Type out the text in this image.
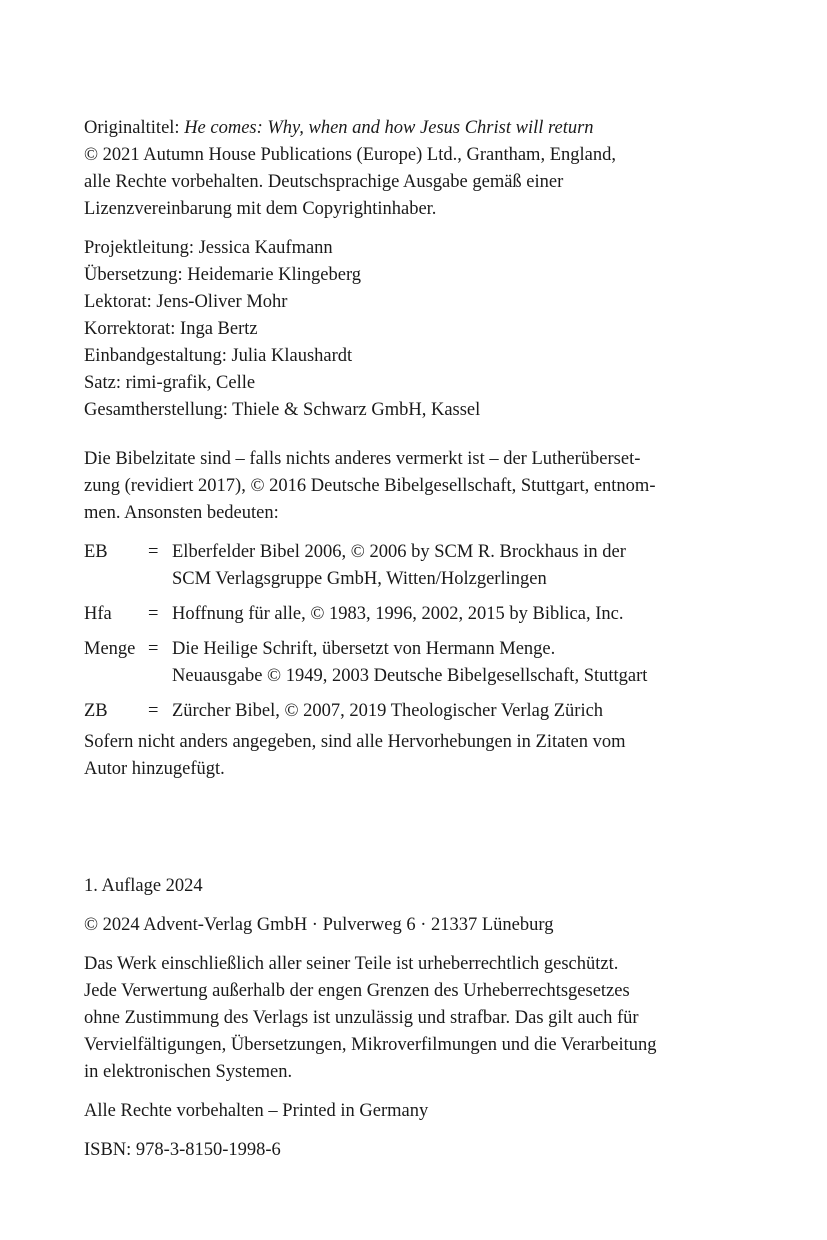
Originaltitel: He comes: Why, when and how Jesus Christ will return
© 2021 Autumn House Publications (Europe) Ltd., Grantham, England,
alle Rechte vorbehalten. Deutschsprachige Ausgabe gemäß einer
Lizenzvereinbarung mit dem Copyrightinhaber.
Projektleitung: Jessica Kaufmann
Übersetzung: Heidemarie Klingeberg
Lektorat: Jens-Oliver Mohr
Korrektorat: Inga Bertz
Einbandgestaltung: Julia Klaushardt
Satz: rimi-grafik, Celle
Gesamtherstellung: Thiele & Schwarz GmbH, Kassel
Die Bibelzitate sind – falls nichts anderes vermerkt ist – der Lutherüberset-
zung (revidiert 2017), © 2016 Deutsche Bibelgesellschaft, Stuttgart, entnom-
men. Ansonsten bedeuten:
EB	= Elberfelder Bibel 2006, © 2006 by SCM R. Brockhaus in der
SCM Verlagsgruppe GmbH, Witten/Holzgerlingen
Hfa	= Hoffnung für alle, © 1983, 1996, 2002, 2015 by Biblica, Inc.
Menge = Die Heilige Schrift, übersetzt von Hermann Menge.
Neuausgabe © 1949, 2003 Deutsche Bibelgesellschaft, Stuttgart
ZB	= Zürcher Bibel, © 2007, 2019 Theologischer Verlag Zürich
Sofern nicht anders angegeben, sind alle Hervorhebungen in Zitaten vom
Autor hinzugefügt.
1. Auflage 2024
© 2024 Advent-Verlag GmbH · Pulverweg 6 · 21337 Lüneburg
Das Werk einschließlich aller seiner Teile ist urheberrechtlich geschützt.
Jede Verwertung außerhalb der engen Grenzen des Urheberrechtsgesetzes
ohne Zustimmung des Verlags ist unzulässig und strafbar. Das gilt auch für
Vervielfältigungen, Übersetzungen, Mikroverfilmungen und die Verarbeitung
in elektronischen Systemen.
Alle Rechte vorbehalten – Printed in Germany
ISBN: 978-3-8150-1998-6
